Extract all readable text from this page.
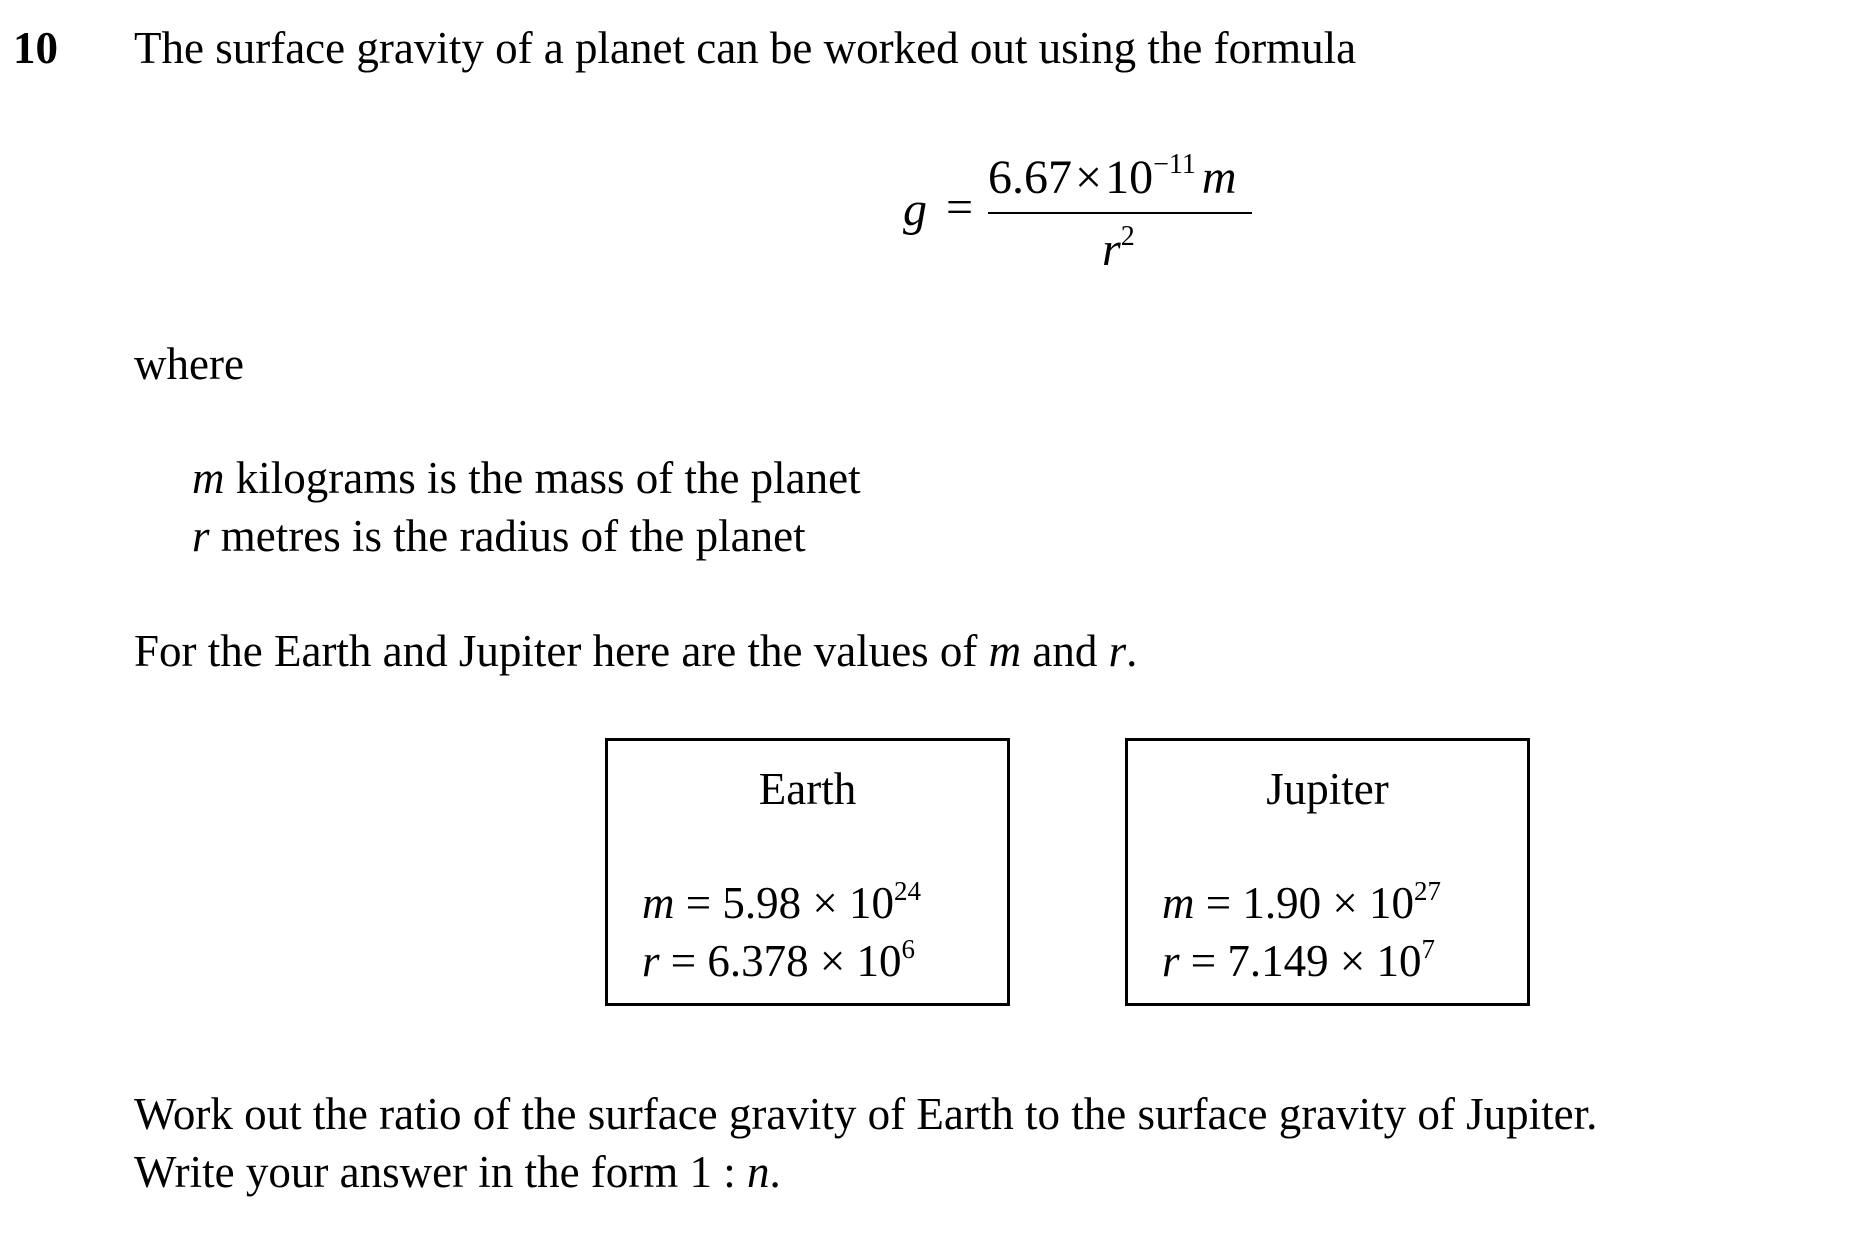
10 The surface gravity of a planet can be worked out using the formula
g =
$6.67\times 10^{-11}$ m
$r^2$
where
m kilograms is the mass of the planet
r metres is the radius of the planet
For the Earth and Jupiter here are the values of m and r.
Earth
$m = 5.98 \times 10^{24}$
$r = 6.378 \times 10^6$
Jupiter
$m = 1.90 \times 10^{27}$
$r = 7.149 \times 10^7$
Work out the ratio of the surface gravity of Earth to the surface gravity of Jupiter.
Write your answer in the form 1 : n.
